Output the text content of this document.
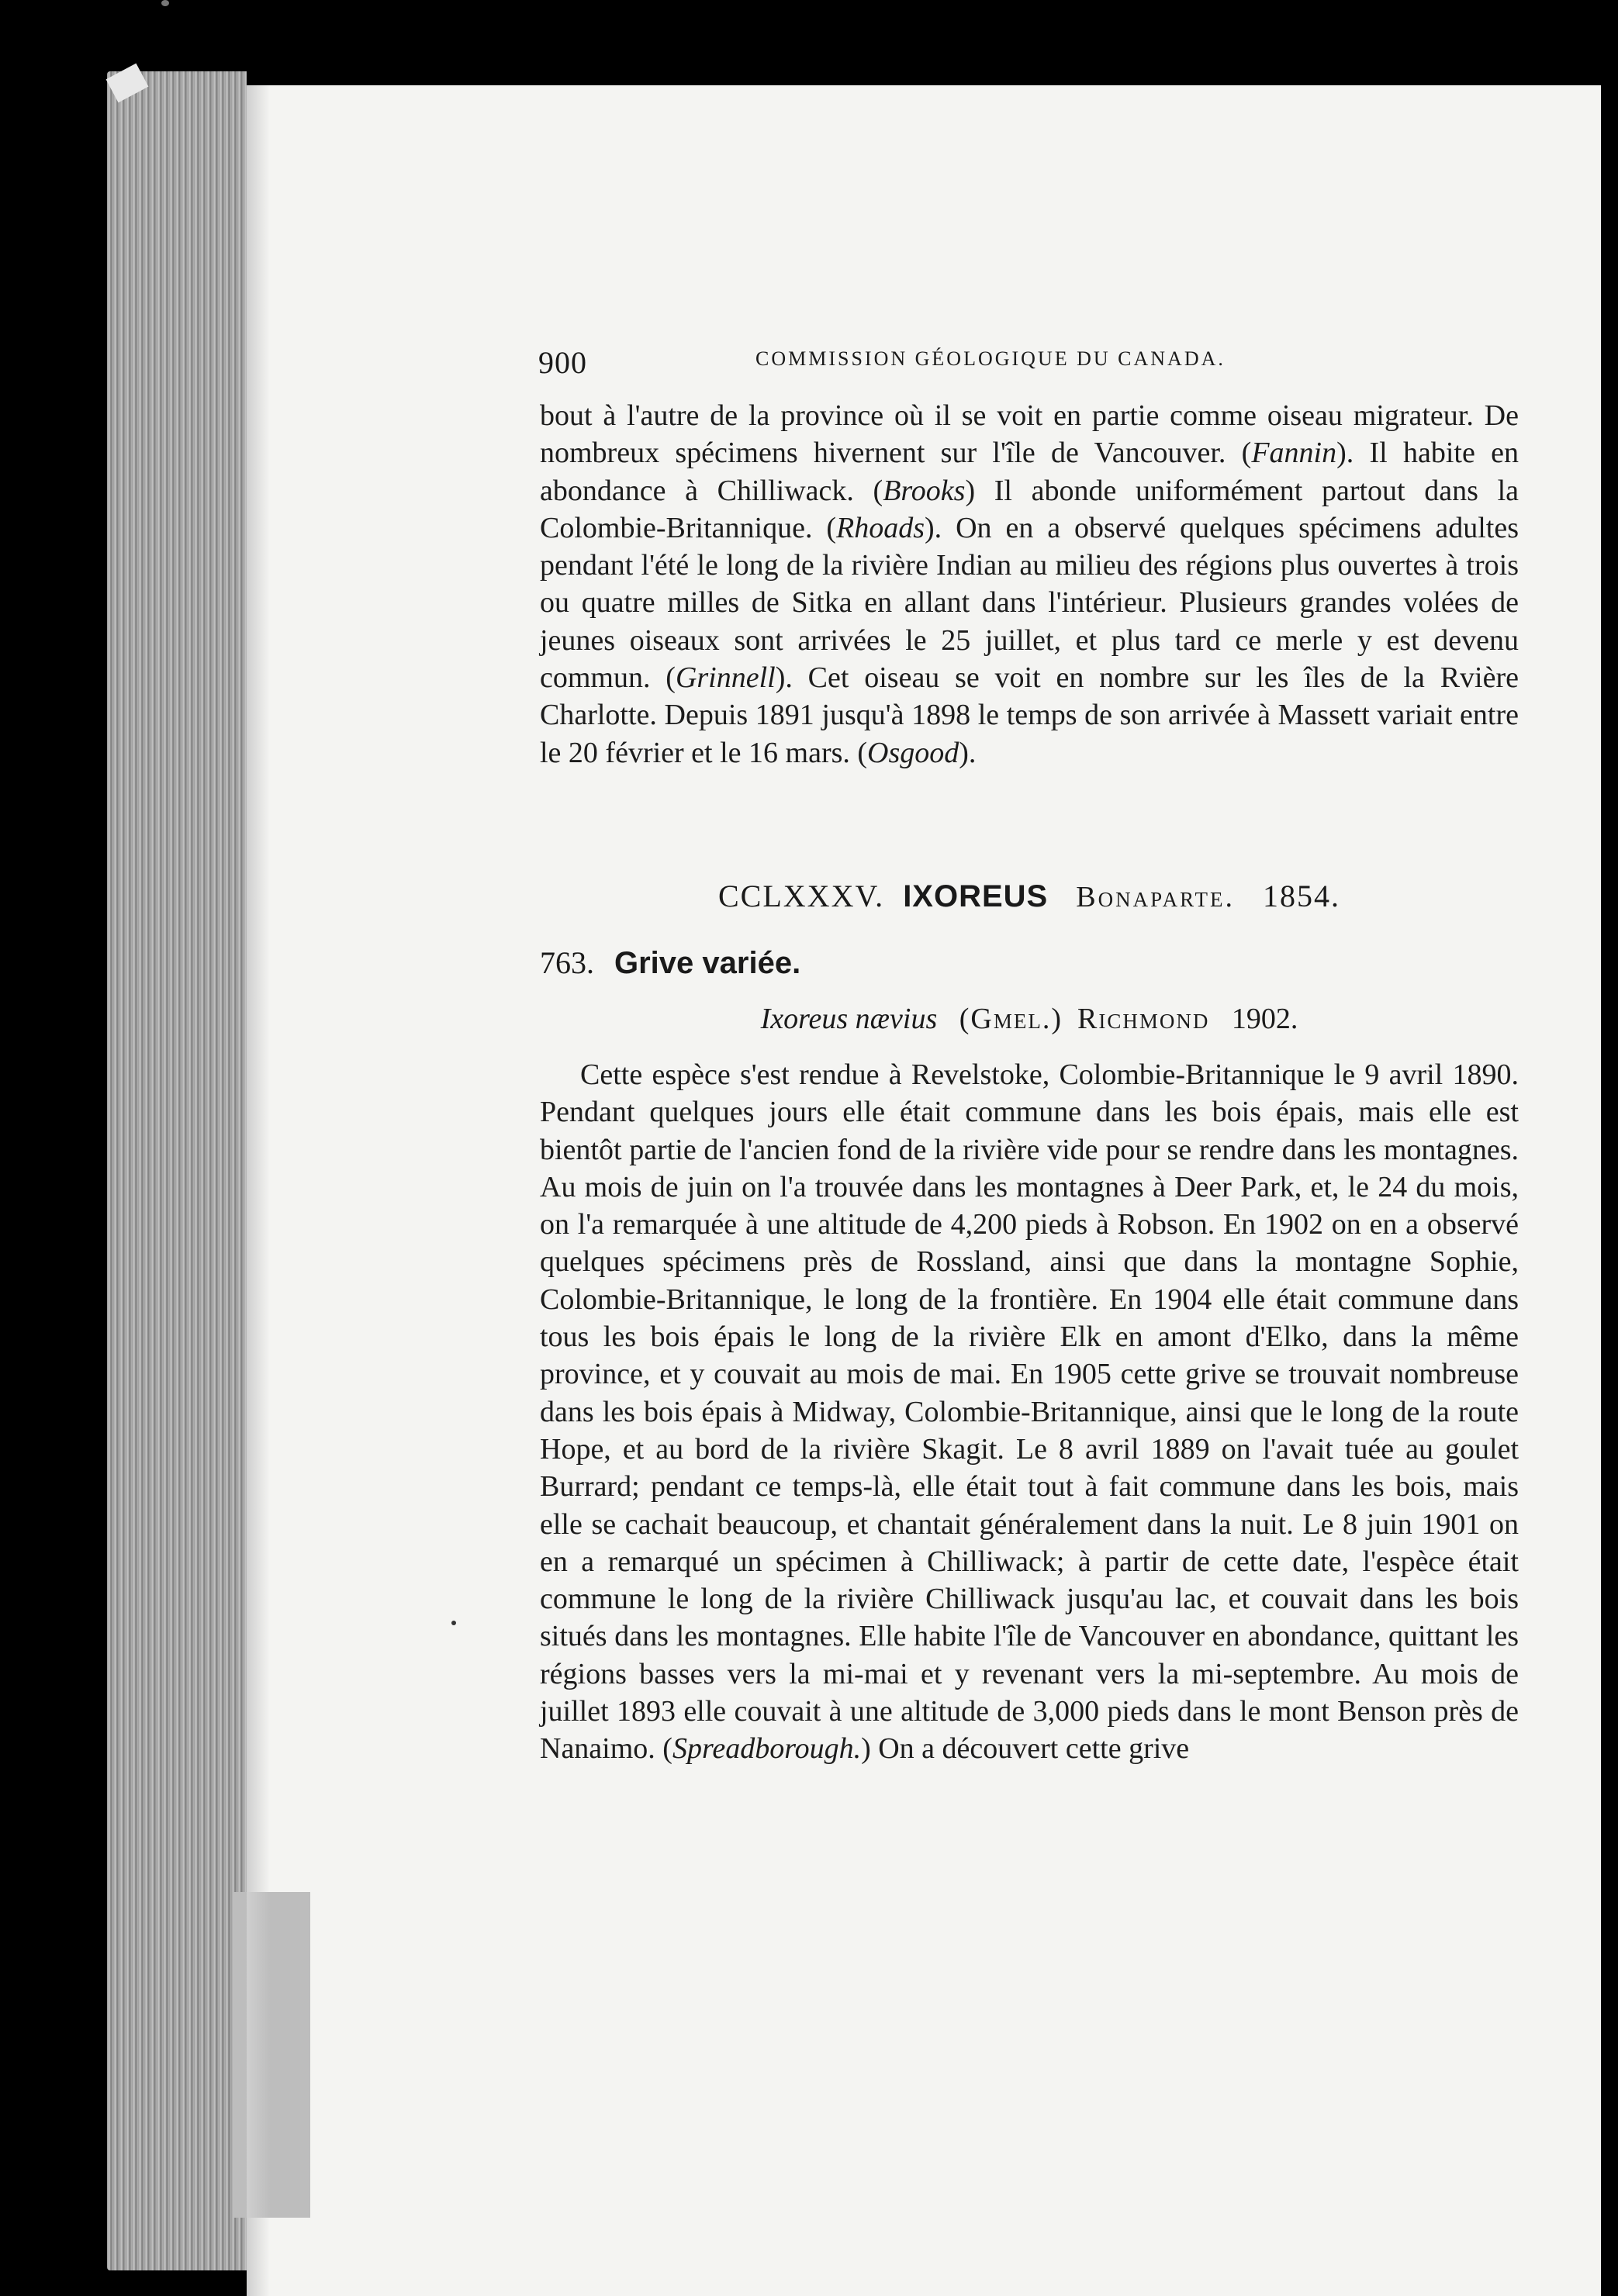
900	COMMISSION GÉOLOGIQUE DU CANADA.

bout à l'autre de la province où il se voit en partie comme oiseau migrateur. De nombreux spécimens hivernent sur l'île de Vancouver. (Fannin). Il habite en abondance à Chilliwack. (Brooks) Il abonde uniformément partout dans la Colombie-Britannique. (Rhoads). On en a observé quelques spécimens adultes pendant l'été le long de la rivière Indian au milieu des régions plus ouvertes à trois ou quatre milles de Sitka en allant dans l'intérieur. Plusieurs grandes volées de jeunes oiseaux sont arrivées le 25 juillet, et plus tard ce merle y est devenu commun. (Grinnell). Cet oiseau se voit en nombre sur les îles de la Rvière Charlotte. Depuis 1891 jusqu'à 1898 le temps de son arrivée à Massett variait entre le 20 février et le 16 mars. (Osgood).

CCLXXXV. IXOREUS Bonaparte. 1854.
763. Grive variée.
Ixoreus nævius (Gmel.) Richmond 1902.

Cette espèce s'est rendue à Revelstoke, Colombie-Britannique le 9 avril 1890. Pendant quelques jours elle était commune dans les bois épais, mais elle est bientôt partie de l'ancien fond de la rivière vide pour se rendre dans les montagnes. Au mois de juin on l'a trouvée dans les montagnes à Deer Park, et, le 24 du mois, on l'a remarquée à une altitude de 4,200 pieds à Robson. En 1902 on en a observé quelques spécimens près de Rossland, ainsi que dans la montagne Sophie, Colombie-Britannique, le long de la frontière. En 1904 elle était commune dans tous les bois épais le long de la rivière Elk en amont d'Elko, dans la même province, et y couvait au mois de mai. En 1905 cette grive se trouvait nombreuse dans les bois épais à Midway, Colombie-Britannique, ainsi que le long de la route Hope, et au bord de la rivière Skagit. Le 8 avril 1889 on l'avait tuée au goulet Burrard; pendant ce temps-là, elle était tout à fait commune dans les bois, mais elle se cachait beaucoup, et chantait généralement dans la nuit. Le 8 juin 1901 on en a remarqué un spécimen à Chilliwack; à partir de cette date, l'espèce était commune le long de la rivière Chilliwack jusqu'au lac, et couvait dans les bois situés dans les montagnes. Elle habite l'île de Vancouver en abondance, quittant les régions basses vers la mi-mai et y revenant vers la mi-septembre. Au mois de juillet 1893 elle couvait à une altitude de 3,000 pieds dans le mont Benson près de Nanaimo. (Spreadborough.) On a découvert cette grive
